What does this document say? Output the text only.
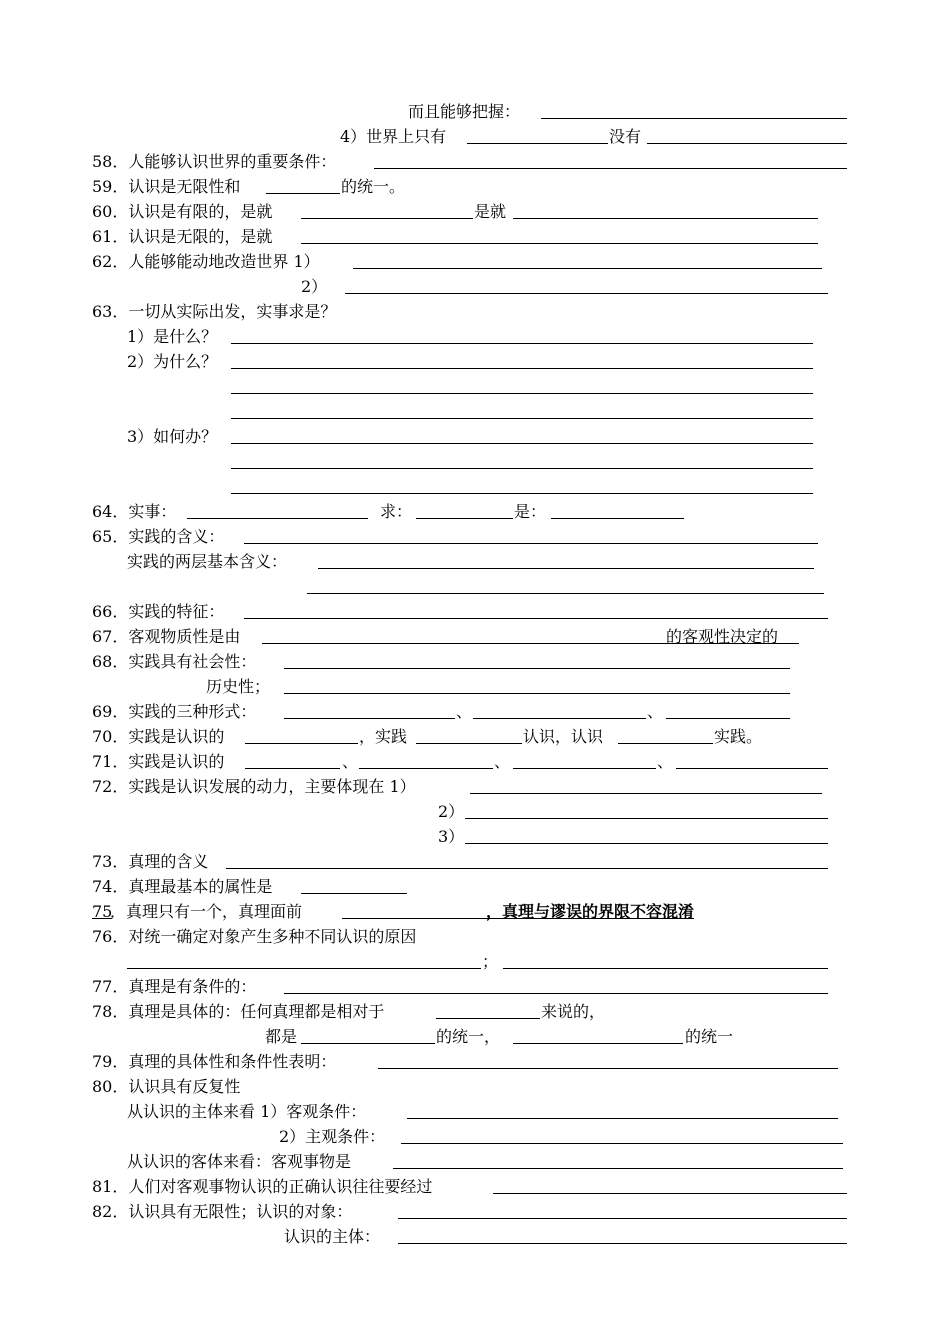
而且能够把握：
4）世界上只有	没有
58．人能够认识世界的重要条件：
59．认识是无限性和	的统一。
60．认识是有限的，是就	是就
61．认识是无限的，是就
62．人能够能动地改造世界 1）
2）
63．一切从实际出发，实事求是？
1）是什么？
2）为什么？
3）如何办？
64．实事：	求：	是：
65．实践的含义：
实践的两层基本含义：
66．实践的特征：
67．客观物质性是由	的客观性决定的
68．实践具有社会性：
历史性；
69．实践的三种形式：	、	、
70．实践是认识的	，实践	认识，认识	实践。
71．实践是认识的	、	、	、
72．实践是认识发展的动力，主要体现在 1）
2）
3）
73．真理的含义
74．真理最基本的属性是
75
．真理只有一个，真理面前	，真理与谬误的界限不容混淆
76．对统一确定对象产生多种不同认识的原因
；
77．真理是有条件的：
78．真理是具体的：任何真理都是相对于	来说的，
都是	的统一，	的统一
79．真理的具体性和条件性表明：
80．认识具有反复性
从认识的主体来看 1）客观条件：
2）主观条件：
从认识的客体来看：客观事物是
81．人们对客观事物认识的正确认识往往要经过
82．认识具有无限性；认识的对象：
认识的主体：
